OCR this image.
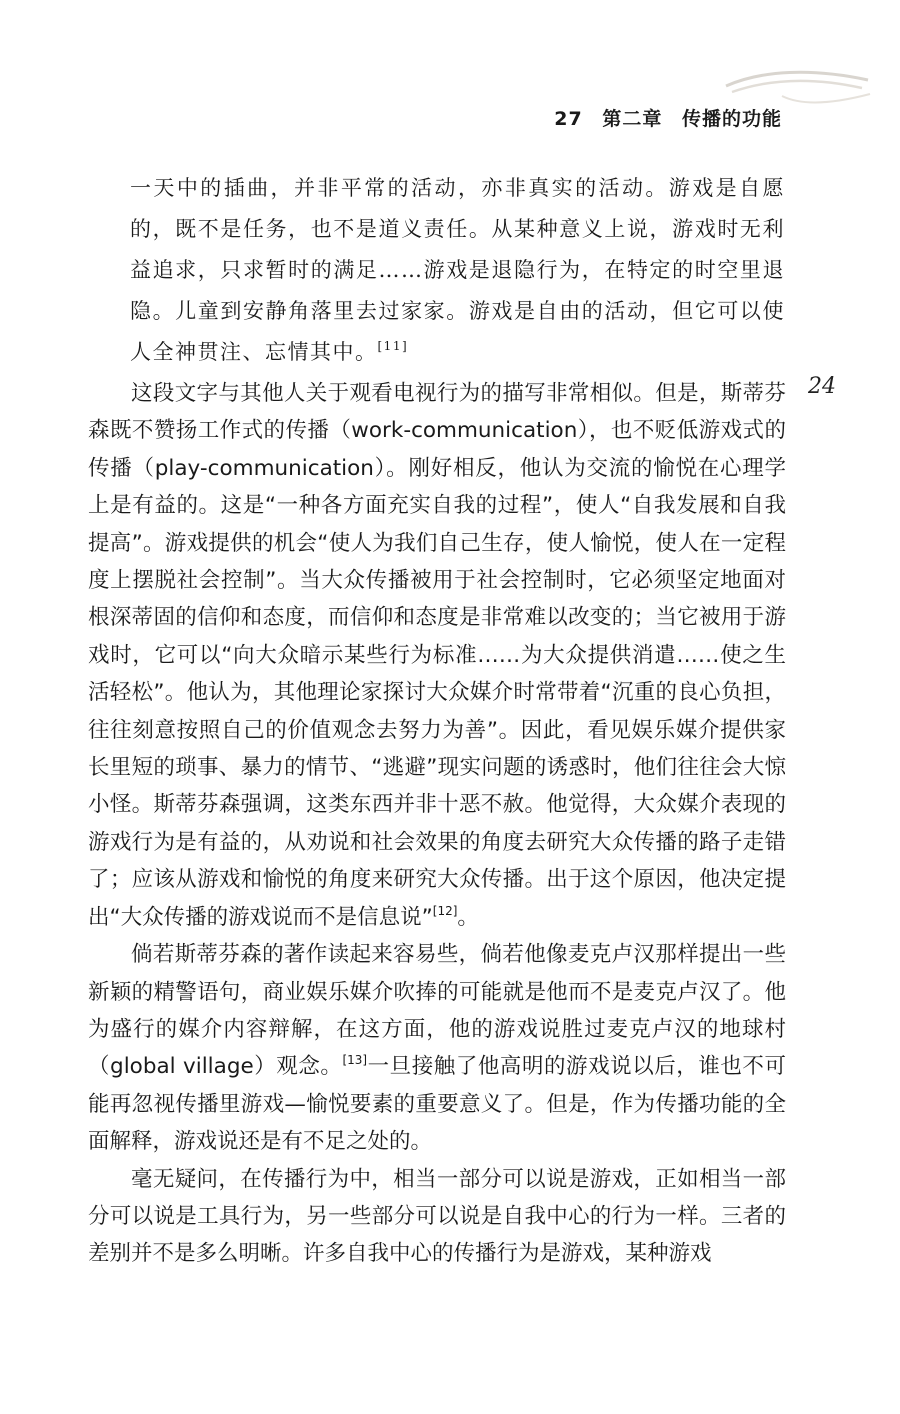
27 第二章 传播的功能
一天中的插曲，并非平常的活动，亦非真实的活动。游戏是自愿的，既不是任务，也不是道义责任。从某种意义上说，游戏时无利益追求，只求暂时的满足……游戏是退隐行为，在特定的时空里退隐。儿童到安静角落里去过家家。游戏是自由的活动，但它可以使人全神贯注、忘情其中。[11]
24

这段文字与其他人关于观看电视行为的描写非常相似。但是，斯蒂芬森既不赞扬工作式的传播（work-communication），也不贬低游戏式的传播（play-communication）。刚好相反，他认为交流的愉悦在心理学上是有益的。这是“一种各方面充实自我的过程”，使人“自我发展和自我提高”。游戏提供的机会“使人为我们自己生存，使人愉悦，使人在一定程度上摆脱社会控制”。当大众传播被用于社会控制时，它必须坚定地面对根深蒂固的信仰和态度，而信仰和态度是非常难以改变的；当它被用于游戏时，它可以“向大众暗示某些行为标准……为大众提供消遣……使之生活轻松”。他认为，其他理论家探讨大众媒介时常带着“沉重的良心负担，往往刻意按照自己的价值观念去努力为善”。因此，看见娱乐媒介提供家长里短的琐事、暴力的情节、“逃避”现实问题的诱惑时，他们往往会大惊小怪。斯蒂芬森强调，这类东西并非十恶不赦。他觉得，大众媒介表现的游戏行为是有益的，从劝说和社会效果的角度去研究大众传播的路子走错了；应该从游戏和愉悦的角度来研究大众传播。出于这个原因，他决定提出“大众传播的游戏说而不是信息说”[12]。

倘若斯蒂芬森的著作读起来容易些，倘若他像麦克卢汉那样提出一些新颖的精警语句，商业娱乐媒介吹捧的可能就是他而不是麦克卢汉了。他为盛行的媒介内容辩解，在这方面，他的游戏说胜过麦克卢汉的地球村（global village）观念。[13]一旦接触了他高明的游戏说以后，谁也不可能再忽视传播里游戏—愉悦要素的重要意义了。但是，作为传播功能的全面解释，游戏说还是有不足之处的。

毫无疑问，在传播行为中，相当一部分可以说是游戏，正如相当一部分可以说是工具行为，另一些部分可以说是自我中心的行为一样。三者的差别并不是多么明晰。许多自我中心的传播行为是游戏，某种游戏
